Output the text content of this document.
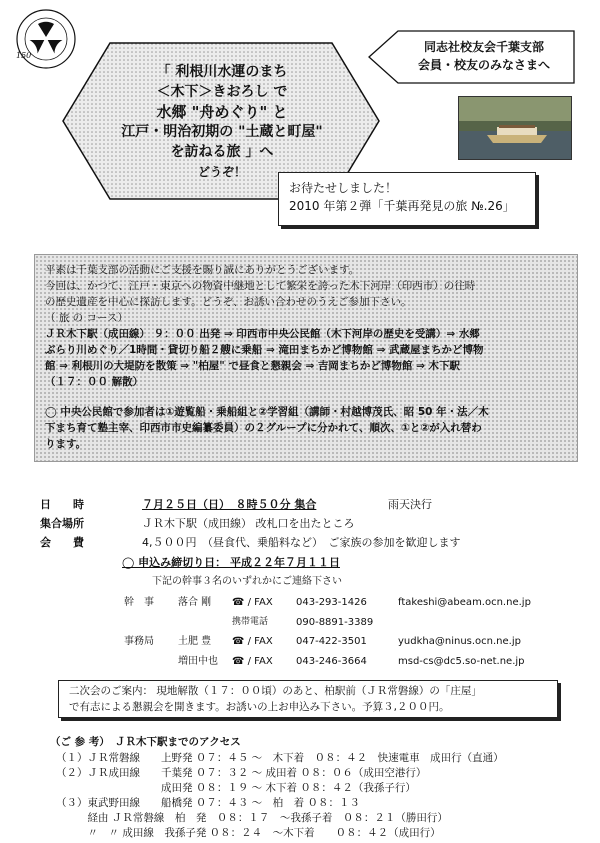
150
「 利根川水運のまち
＜木下＞きおろし で
水郷 "舟めぐり" と
江戸・明治初期の "土蔵と町屋"
を訪ねる旅 」へ
どうぞ！
同志社校友会千葉支部
会員・校友のみなさまへ
お待たせしました！
2010 年第２弾「千葉再発見の旅 №.26」
平素は千葉支部の活動にご支援を賜り誠にありがとうございます。
今回は、かつて、江戸・東京への物資中継地として繁栄を誇った木下河岸（印西市）の往時
の歴史遺産を中心に探訪します。どうぞ、お誘い合わせのうえご参加下さい。
（ 旅 の コース）
ＪＲ木下駅（成田線） ９：００ 出発 ⇒ 印西市中央公民館（木下河岸の歴史を受講）⇒ 水郷
ぶらり川めぐり／1時間・貸切り船２艘に乗船 ⇒ 滝田まちかど博物館 ⇒ 武蔵屋まちかど博物
館 ⇒ 利根川の大堤防を散策 ⇒ "柏屋" で昼食と懇親会 ⇒ 吉岡まちかど博物館 ⇒ 木下駅
（１７：００ 解散）
◯ 中央公民館で参加者は①遊覧船・乗船組と②学習組（講師・村越博茂氏、昭 50 年・法／木
下まち育て塾主宰、印西市市史編纂委員）の２グループに分かれて、順次、①と②が入れ替わ
ります。
日　　時	７月２５日（日）　８時５０分 集合	雨天決行
集合場所	ＪＲ木下駅（成田線） 改札口を出たところ
会　　費	4,５００円　（昼食代、乗船料など）　ご家族の参加を歓迎します
◯ 申込み締切り日： 平成２２年７月１１日
下記の幹事３名のいずれかにご連絡下さい
幹　事 落合 剛 ☎ / FAX 043-293-1426	ftakeshi@abeam.ocn.ne.jp
携帯電話	090-8891-3389
事務局 土肥 豊 ☎ / FAX 047-422-3501	yudkha@ninus.ocn.ne.jp
増田中也 ☎ / FAX 043-246-3664	msd-cs@dc5.so-net.ne.jp
二次会のご案内： 現地解散（１７：００頃）のあと、柏駅前（ＪＲ常磐線）の「庄屋」
で有志による懇親会を開きます。お誘いの上お申込み下さい。予算３,２００円。
（ご 参 考）　ＪＲ木下駅までのアクセス
（１）ＪＲ常磐線　　上野発 ０７：４５ 〜　木下着　０８：４２　快速電車　成田行（直通）
（２）ＪＲ成田線　　千葉発 ０７：３２ 〜 成田着 ０８：０６（成田空港行）
　　　　　　　　　　成田発 ０８：１９ 〜 木下着 ０８：４２（我孫子行）
（３）東武野田線　　船橋発 ０７：４３ 〜　柏　着 ０８：１３
　　　経由 ＪＲ常磐線　柏　発　０８：１７　〜我孫子着　０８：２１（勝田行）
　　　〃　〃 成田線　我孫子発 ０８：２４　〜木下着　　０８：４２（成田行）
